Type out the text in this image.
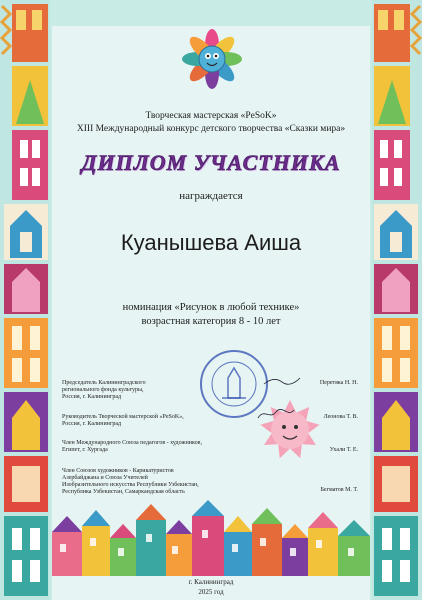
Творческая мастерская «PeSoK»
XIII Международный конкурс детского творчества «Сказки мира»
ДИПЛОМ УЧАСТНИКА
награждается
Куанышева Аиша
номинация «Рисунок в любой технике»
возрастная категория 8 - 10 лет
Председатель Калининградского
регионального фонда культуры,
Россия, г. Калининград
Перетяка Н. Н.
Руководитель Творческой мастерской «PeSoK»,
Россия, г. Калининград
Леонова Т. В.
Член Международного Союза педагогов - художников,
Египет, г. Хургада	Ухали Т. Е.
Член Союзов художников - Карикатуристов
Азербайджана и Союза Учителей
Изобразительного искусства Республики Узбекистан,
Республика Узбекистан, Самаркандская область	Бегматов М. Т.
г. Калининград
2025 год
